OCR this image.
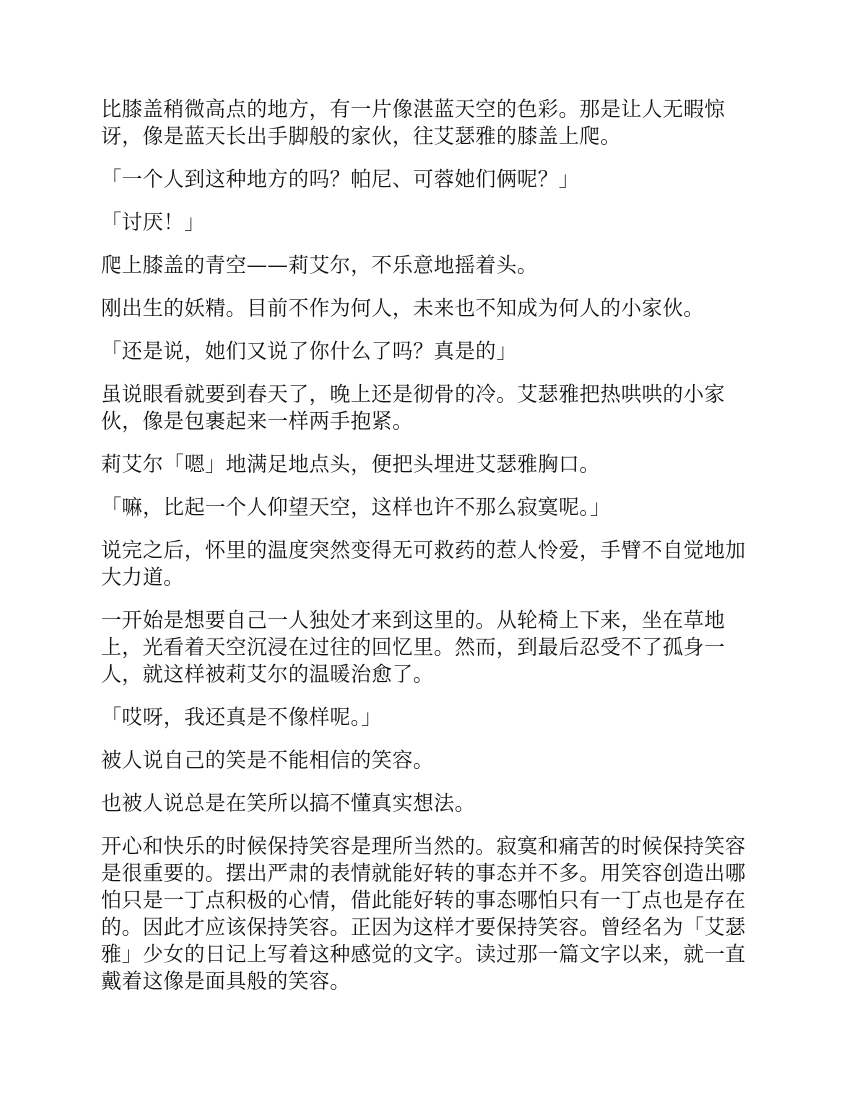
比膝盖稍微高点的地方，有一片像湛蓝天空的色彩。那是让人无暇惊讶，像是蓝天长出手脚般的家伙，往艾瑟雅的膝盖上爬。

「一个人到这种地方的吗？帕尼、可蓉她们俩呢？」

「讨厌！」

爬上膝盖的青空——莉艾尔，不乐意地摇着头。

刚出生的妖精。目前不作为何人，未来也不知成为何人的小家伙。

「还是说，她们又说了你什么了吗？真是的」

虽说眼看就要到春天了，晚上还是彻骨的冷。艾瑟雅把热哄哄的小家伙，像是包裹起来一样两手抱紧。

莉艾尔「嗯」地满足地点头，便把头埋进艾瑟雅胸口。

「嘛，比起一个人仰望天空，这样也许不那么寂寞呢。」

说完之后，怀里的温度突然变得无可救药的惹人怜爱，手臂不自觉地加大力道。

一开始是想要自己一人独处才来到这里的。从轮椅上下来，坐在草地上，光看着天空沉浸在过往的回忆里。然而，到最后忍受不了孤身一人，就这样被莉艾尔的温暖治愈了。

「哎呀，我还真是不像样呢。」

被人说自己的笑是不能相信的笑容。

也被人说总是在笑所以搞不懂真实想法。

开心和快乐的时候保持笑容是理所当然的。寂寞和痛苦的时候保持笑容是很重要的。摆出严肃的表情就能好转的事态并不多。用笑容创造出哪怕只是一丁点积极的心情，借此能好转的事态哪怕只有一丁点也是存在的。因此才应该保持笑容。正因为这样才要保持笑容。曾经名为「艾瑟雅」少女的日记上写着这种感觉的文字。读过那一篇文字以来，就一直戴着这像是面具般的笑容。
